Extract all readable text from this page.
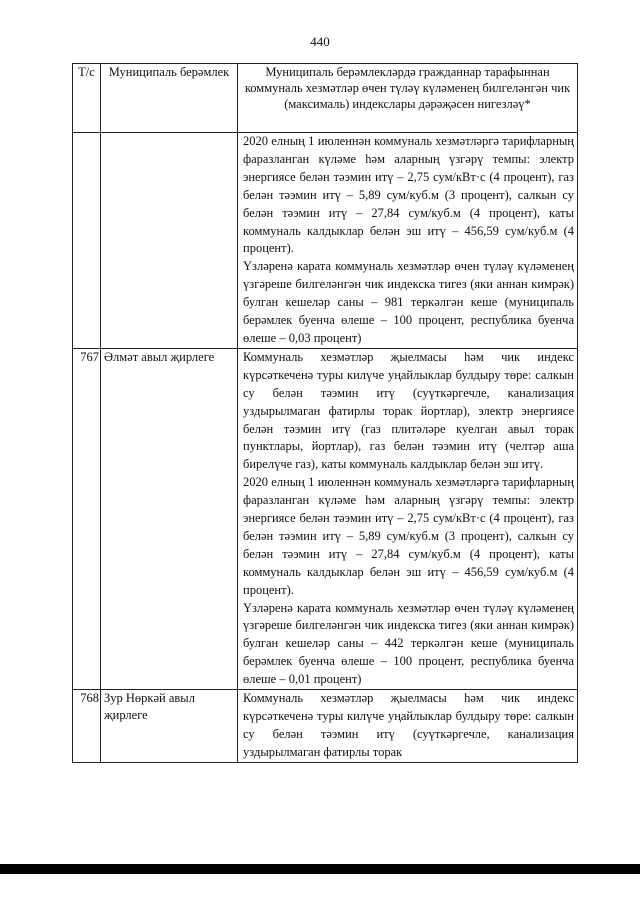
440
Т/с	Муниципаль берәмлек	Муниципаль берәмлекләрдә гражданнар тарафыннан коммуналь хезмәтләр өчен түләү күләменең билгеләнгән чик (максималь) индекслары дәрәҗәсен нигезләү*

		2020 елның 1 июленнән коммуналь хезмәтләргә тарифларның фаразланган күләме һәм аларның үзгәрү темпы: электр энергиясе белән тәэмин итү – 2,75 сум/кВт·с (4 процент), газ белән тәэмин итү – 5,89 сум/куб.м (3 процент), салкын су белән тәэмин итү – 27,84 сум/куб.м (4 процент), каты коммуналь калдыклар белән эш итү – 456,59 сум/куб.м (4 процент).

Үзләренә карата коммуналь хезмәтләр өчен түләү күләменең үзгәреше билгеләнгән чик индекска тигез (яки аннан кимрәк) булган кешеләр саны – 981 теркәлгән кеше (муниципаль берәмлек буенча өлеше – 100 процент, республика буенча өлеше – 0,03 процент)

767	Әлмәт авыл җирлеге	Коммуналь хезмәтләр җыелмасы һәм чик индекс күрсәткеченә туры килүче уңайлыклар булдыру төре: салкын су белән тәэмин итү (суүткәргечле, канализация уздырылмаган фатирлы торак йортлар), электр энергиясе белән тәэмин итү (газ плитәләре куелган авыл торак пунктлары, йортлар), газ белән тәэмин итү (челтәр аша бирелүче газ), каты коммуналь калдыклар белән эш итү.

2020 елның 1 июленнән коммуналь хезмәтләргә тарифларның фаразланган күләме һәм аларның үзгәрү темпы: электр энергиясе белән тәэмин итү – 2,75 сум/кВт·с (4 процент), газ белән тәэмин итү – 5,89 сум/куб.м (3 процент), салкын су белән тәэмин итү – 27,84 сум/куб.м (4 процент), каты коммуналь калдыклар белән эш итү – 456,59 сум/куб.м (4 процент).

Үзләренә карата коммуналь хезмәтләр өчен түләү күләменең үзгәреше билгеләнгән чик индекска тигез (яки аннан кимрәк) булган кешеләр саны – 442 теркәлгән кеше (муниципаль берәмлек буенча өлеше – 100 процент, республика буенча өлеше – 0,01 процент)

768	Зур Нөркәй авыл җирлеге	Коммуналь хезмәтләр җыелмасы һәм чик индекс күрсәткеченә туры килүче уңайлыклар булдыру төре: салкын су белән тәэмин итү (суүткәргечле, канализация уздырылмаган фатирлы торак
